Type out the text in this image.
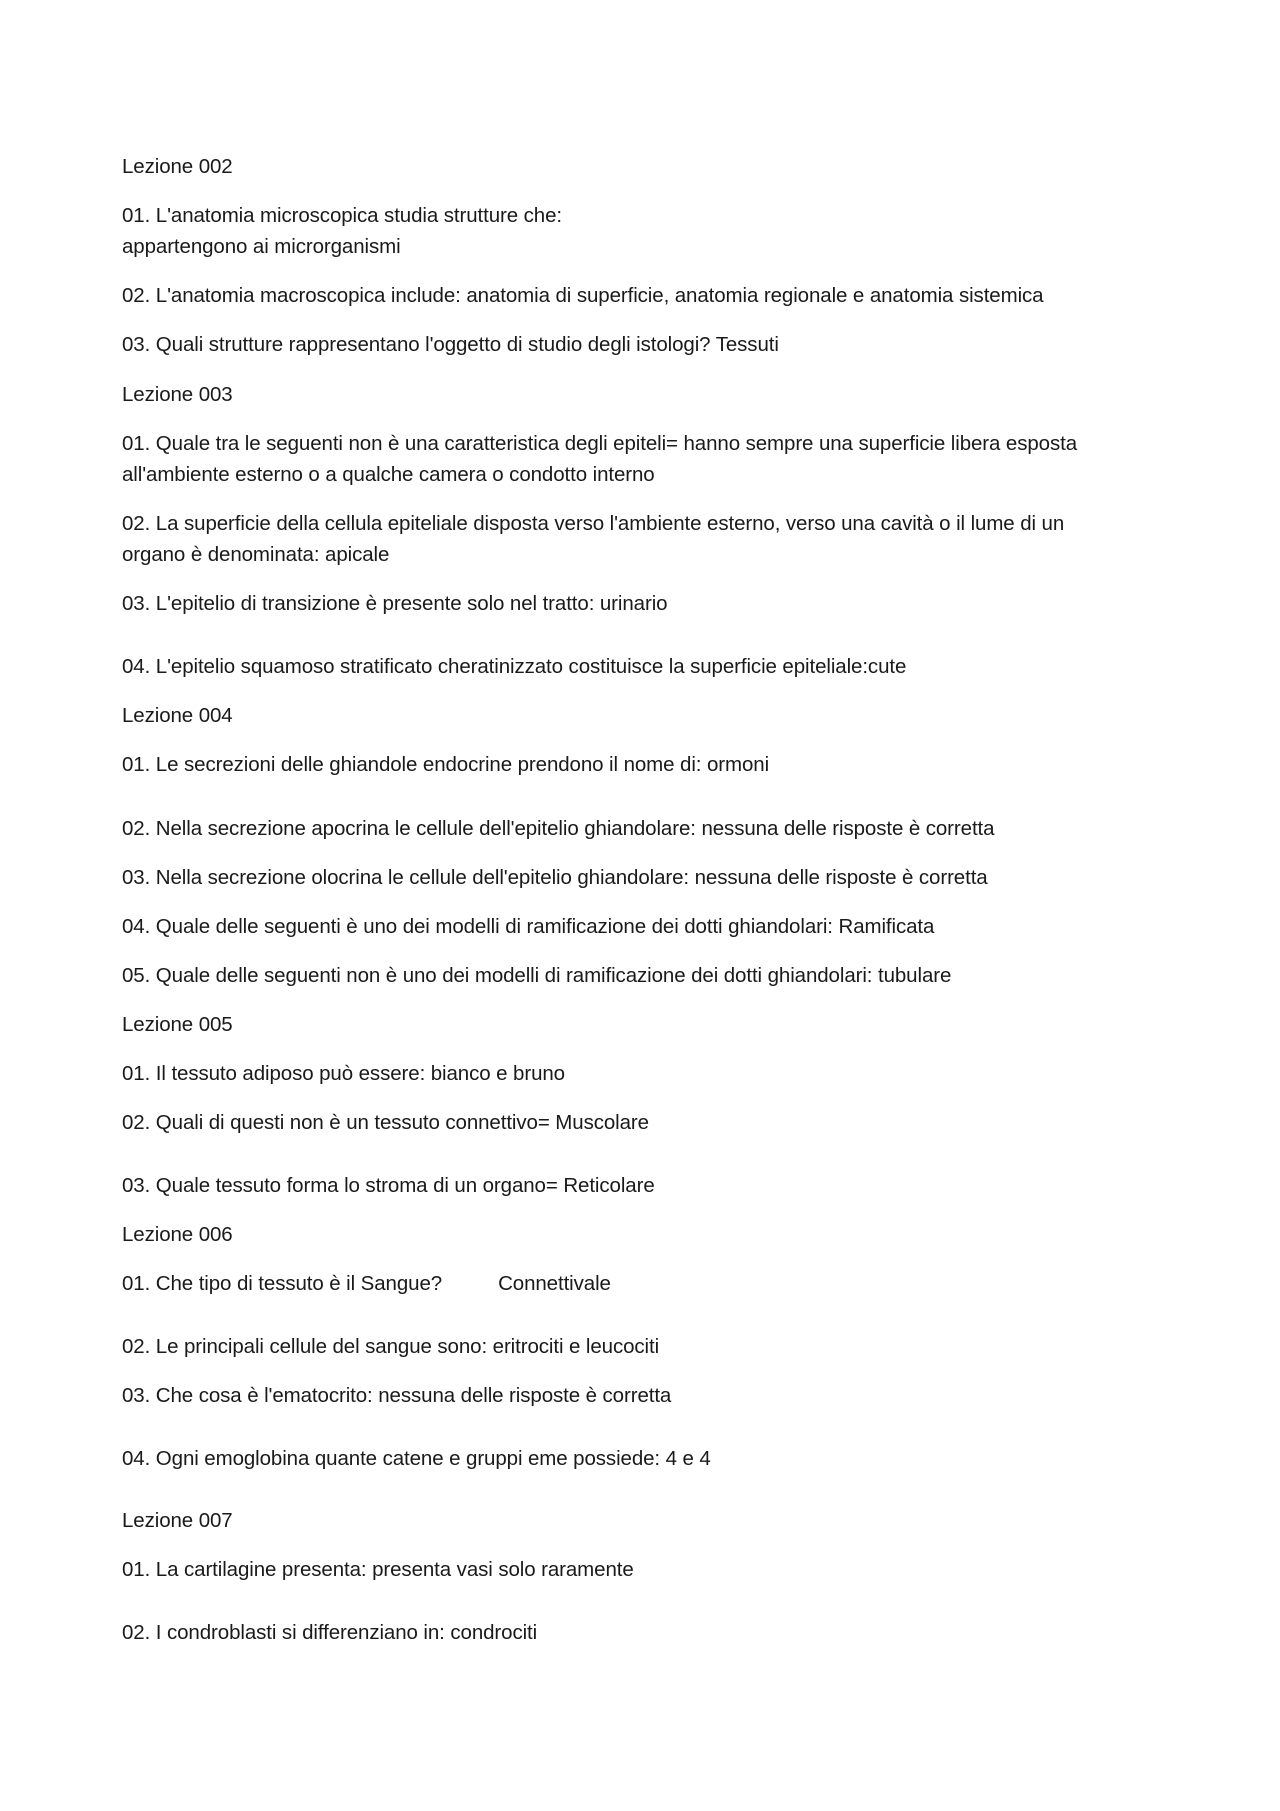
Lezione 002
01. L'anatomia microscopica studia strutture che:
appartengono ai microrganismi
02. L'anatomia macroscopica include: anatomia di superficie, anatomia regionale e anatomia sistemica
03. Quali strutture rappresentano l'oggetto di studio degli istologi? Tessuti
Lezione 003
01. Quale tra le seguenti non è una caratteristica degli epiteli= hanno sempre una superficie libera esposta
all'ambiente esterno o a qualche camera o condotto interno
02. La superficie della cellula epiteliale disposta verso l'ambiente esterno, verso una cavità o il lume di un
organo è denominata: apicale
03. L'epitelio di transizione è presente solo nel tratto: urinario
04. L'epitelio squamoso stratificato cheratinizzato costituisce la superficie epiteliale:cute
Lezione 004
01. Le secrezioni delle ghiandole endocrine prendono il nome di: ormoni
02. Nella secrezione apocrina le cellule dell'epitelio ghiandolare: nessuna delle risposte è corretta
03. Nella secrezione olocrina le cellule dell'epitelio ghiandolare: nessuna delle risposte è corretta
04. Quale delle seguenti è uno dei modelli di ramificazione dei dotti ghiandolari: Ramificata
05. Quale delle seguenti non è uno dei modelli di ramificazione dei dotti ghiandolari: tubulare
Lezione 005
01. Il tessuto adiposo può essere: bianco e bruno
02. Quali di questi non è un tessuto connettivo= Muscolare
03. Quale tessuto forma lo stroma di un organo= Reticolare
Lezione 006
01. Che tipo di tessuto è il Sangue?	Connettivale
02. Le principali cellule del sangue sono: eritrociti e leucociti
03. Che cosa è l'ematocrito: nessuna delle risposte è corretta
04. Ogni emoglobina quante catene e gruppi eme possiede: 4 e 4
Lezione 007
01. La cartilagine presenta: presenta vasi solo raramente
02. I condroblasti si differenziano in: condrociti
